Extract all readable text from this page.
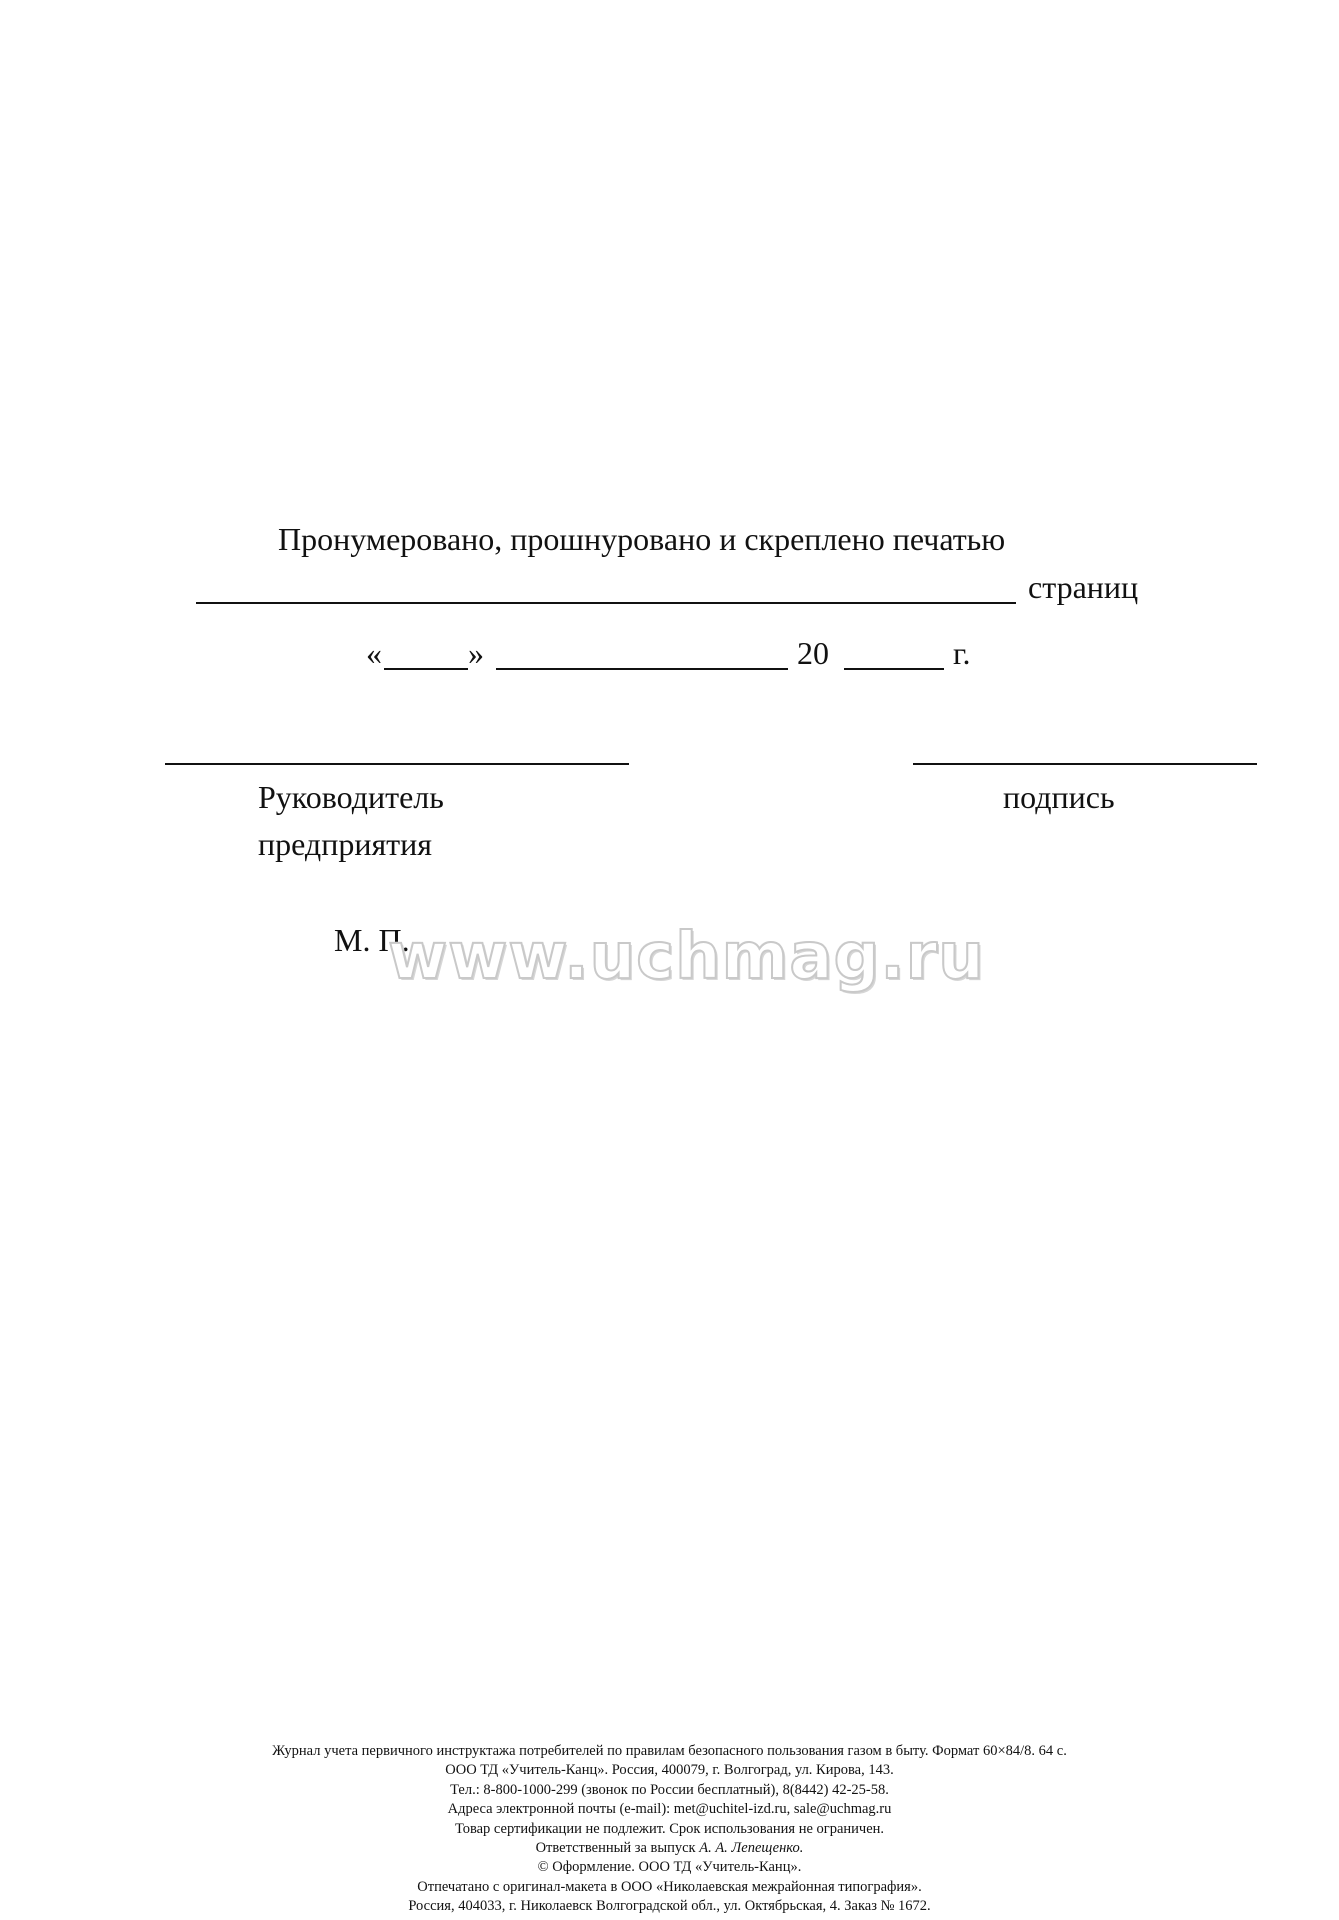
Пронумеровано, прошнуровано и скреплено печатью
страниц
«	»	20	г.
Руководитель
предприятия
подпись
М. П.
www.uchmag.ru
Журнал учета первичного инструктажа потребителей по правилам безопасного пользования газом в быту. Формат 60×84/8. 64 с.
ООО ТД «Учитель-Канц». Россия, 400079, г. Волгоград, ул. Кирова, 143.
Тел.: 8-800-1000-299 (звонок по России бесплатный), 8(8442) 42-25-58.
Адреса электронной почты (e-mail): met@uchitel-izd.ru, sale@uchmag.ru
Товар сертификации не подлежит. Срок использования не ограничен.
Ответственный за выпуск А. А. Лепещенко.
© Оформление. ООО ТД «Учитель-Канц».
Отпечатано с оригинал-макета в ООО «Николаевская межрайонная типография».
Россия, 404033, г. Николаевск Волгоградской обл., ул. Октябрьская, 4. Заказ № 1672.
